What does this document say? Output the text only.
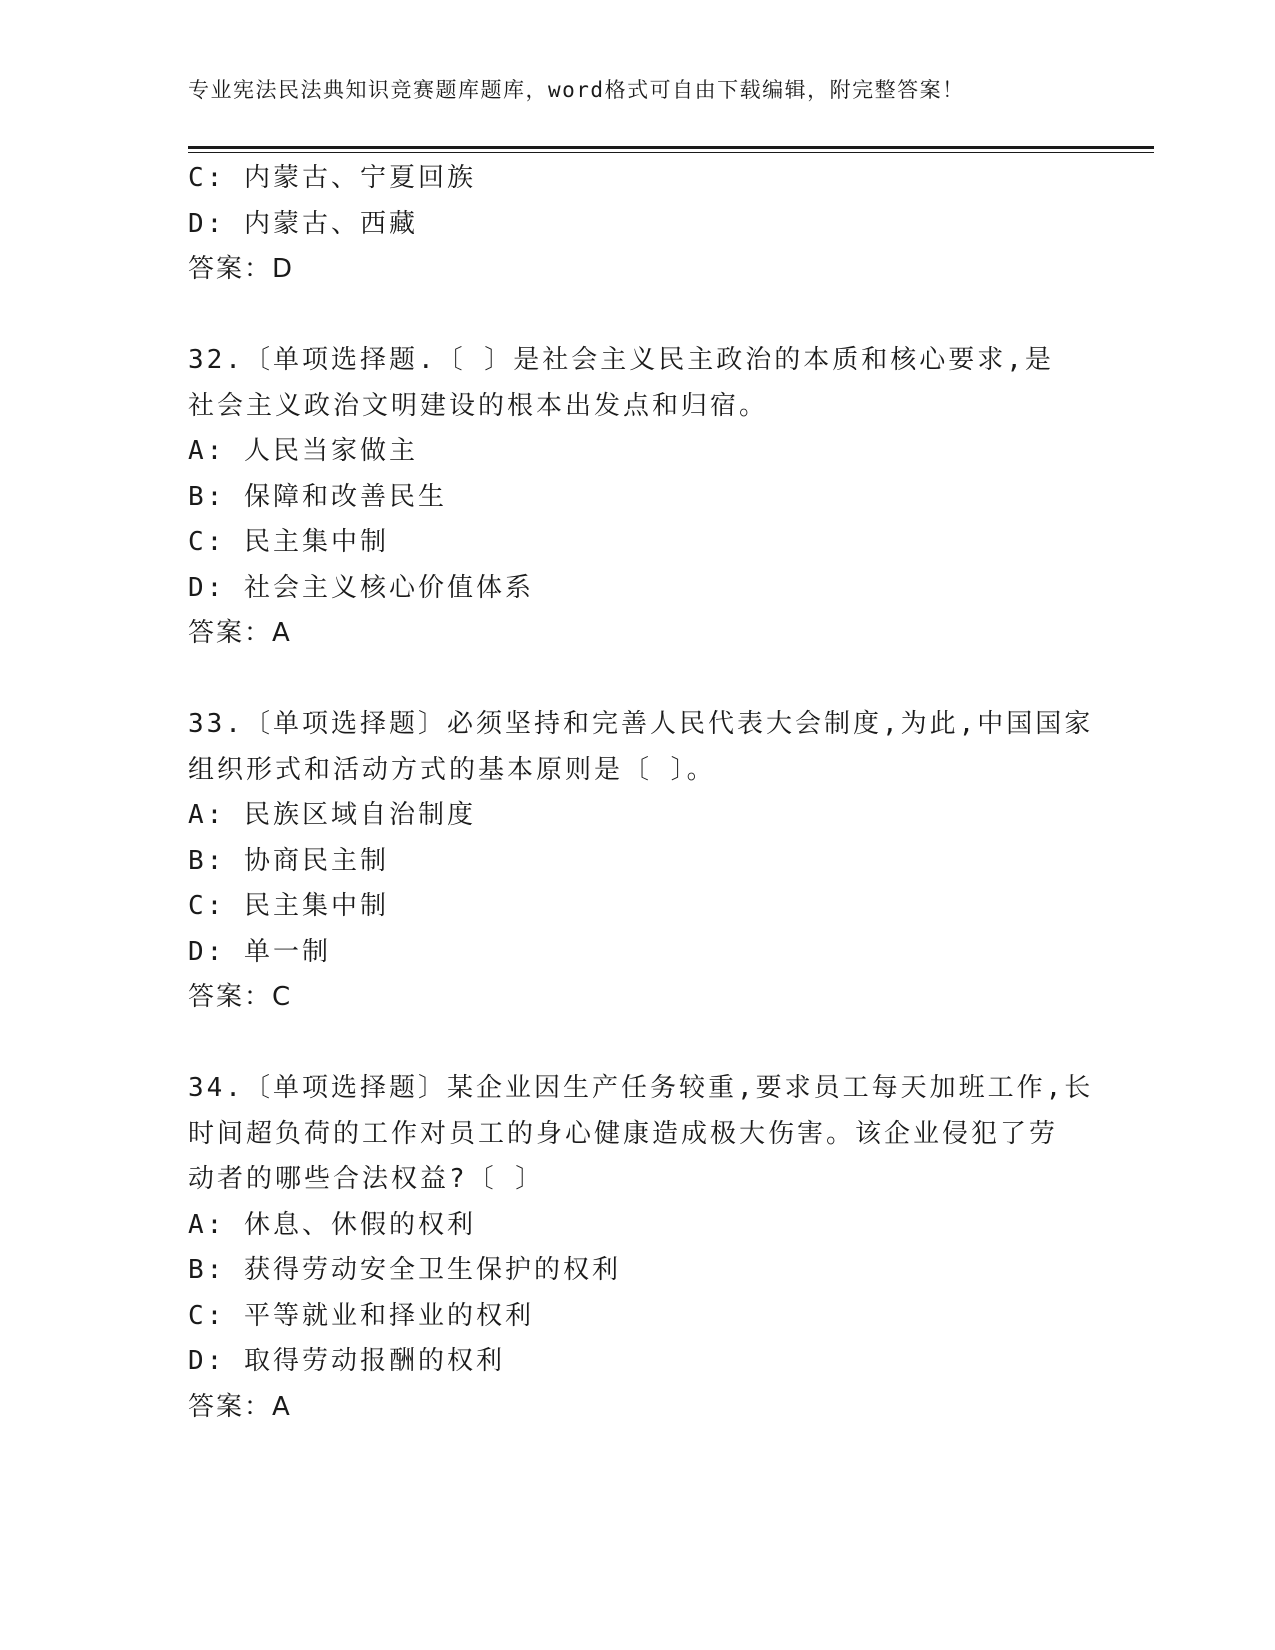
专业宪法民法典知识竞赛题库题库，word格式可自由下载编辑，附完整答案！
C: 内蒙古、宁夏回族
D: 内蒙古、西藏
答案：D
32.〔单项选择题.〔 〕是社会主义民主政治的本质和核心要求,是
社会主义政治文明建设的根本出发点和归宿。
A: 人民当家做主
B: 保障和改善民生
C: 民主集中制
D: 社会主义核心价值体系
答案：A
33.〔单项选择题〕必须坚持和完善人民代表大会制度,为此,中国国家
组织形式和活动方式的基本原则是〔 〕。
A: 民族区域自治制度
B: 协商民主制
C: 民主集中制
D: 单一制
答案：C
34.〔单项选择题〕某企业因生产任务较重,要求员工每天加班工作,长
时间超负荷的工作对员工的身心健康造成极大伤害。该企业侵犯了劳
动者的哪些合法权益?〔 〕
A: 休息、休假的权利
B: 获得劳动安全卫生保护的权利
C: 平等就业和择业的权利
D: 取得劳动报酬的权利
答案：A
